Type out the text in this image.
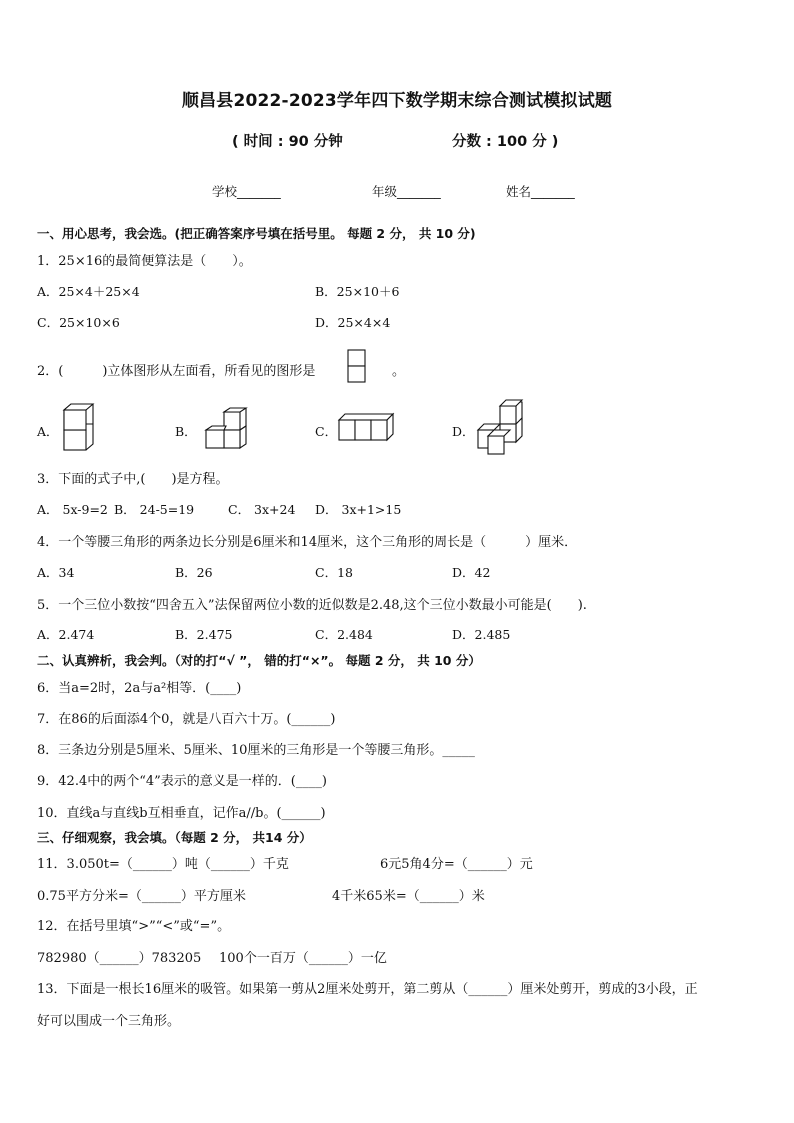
顺昌县2022-2023学年四下数学期末综合测试模拟试题
( 时间 : 90 分钟	分数 : 100 分 )
学校_______	年级_______	姓名_______
一、用心思考，我会选。(把正确答案序号填在括号里。 每题 2 分， 共 10 分)
1．25×16的最简便算法是（　　）。
A．25×4＋25×4	B．25×10＋6
C．25×10×6	D．25×4×4
2．(　　　)立体图形从左面看，所看见的图形是	。
A．	B．	C．	D．
3．下面的式子中,(　　)是方程。
A． 5x-9=2 B． 24-5=19	C． 3x+24 D． 3x+1>15
4．一个等腰三角形的两条边长分别是6厘米和14厘米，这个三角形的周长是（　　　）厘米．
A．34	B．26	C．18	D．42
5．一个三位小数按“四舍五入”法保留两位小数的近似数是2.48,这个三位小数最小可能是(　　).
A．2.474	B．2.475	C．2.484	D．2.485
二、认真辨析，我会判。（对的打“√ ”， 错的打“×”。 每题 2 分， 共 10 分）
6．当a=2时，2a与a²相等．(____)
7．在86的后面添4个0，就是八百六十万。(______)
8．三条边分别是5厘米、5厘米、10厘米的三角形是一个等腰三角形。_____
9．42.4中的两个“4”表示的意义是一样的．(____)
10．直线a与直线b互相垂直，记作a//b。(______)
三、仔细观察，我会填。（每题 2 分， 共14 分）
11．3.050t=（______）吨（______）千克	6元5角4分=（______）元
0.75平方分米=（______）平方厘米	4千米65米=（______）米
12．在括号里填“>”“<”或“=”。
782980（______）783205 100个一百万（______）一亿
13．下面是一根长16厘米的吸管。如果第一剪从2厘米处剪开，第二剪从（______）厘米处剪开，剪成的3小段，正
好可以围成一个三角形。
